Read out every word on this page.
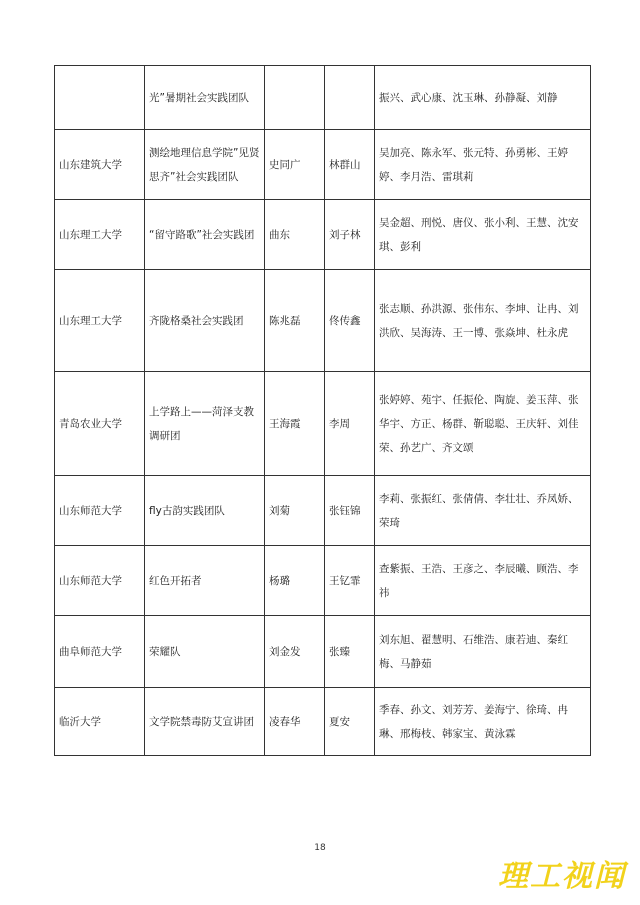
	光”暑期社会实践团队			振兴、武心康、沈玉琳、孙静凝、刘静
山东建筑大学	测绘地理信息学院”见贤思齐”社会实践团队	史同广	林群山	吴加亮、陈永军、张元特、孙勇彬、王婷婷、李月浩、雷琪莉
山东理工大学	“留守路歌”社会实践团	曲东	刘子林	吴金超、刑悦、唐仪、张小利、王慧、沈安琪、彭利
山东理工大学	齐陇格桑社会实践团	陈兆磊	佟传鑫	张志顺、孙洪源、张伟东、李坤、让冉、刘洪欣、吴海涛、王一博、张焱坤、杜永虎
青岛农业大学	上学路上——菏泽支教调研团	王海霞	李周	张婷婷、苑宇、任振伦、陶旋、姜玉萍、张华宇、方正、杨群、靳聪聪、王庆轩、刘佳荣、孙艺广、齐文颂
山东师范大学	fly古韵实践团队	刘菊	张钰锦	李莉、张振红、张倩倩、李壮壮、乔凤娇、荣琦
山东师范大学	红色开拓者	杨璐	王钇霏	查紫振、王浩、王彦之、李辰曦、顾浩、李祎
曲阜师范大学	荣耀队	刘金发	张臻	刘东旭、翟慧明、石维浩、康若迪、秦红梅、马静茹
临沂大学	文学院禁毒防艾宣讲团	凌春华	夏安	季春、孙文、刘芳芳、姜海宁、徐琦、冉琳、邢梅枝、韩家宝、黄泳霖
18
理工视闻
